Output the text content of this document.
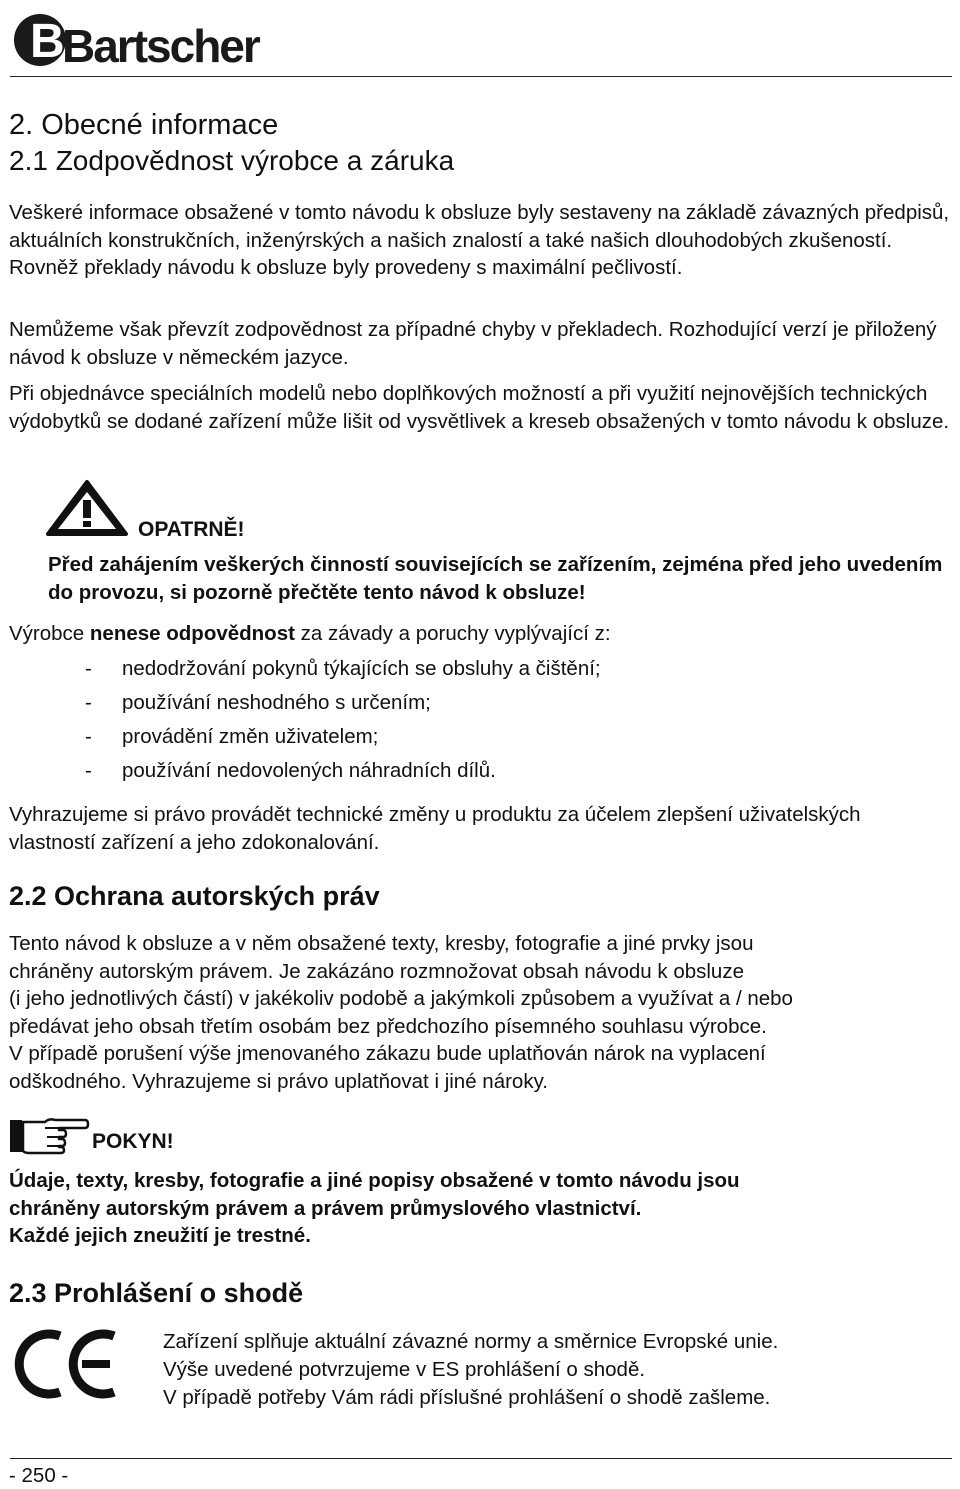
B
Bartscher
2. Obecné informace
2.1 Zodpovědnost výrobce a záruka

Veškeré informace obsažené v tomto návodu k obsluze byly sestaveny na základě závazných předpisů, aktuálních konstrukčních, inženýrských a našich znalostí a také našich dlouhodobých zkušeností. Rovněž překlady návodu k obsluze byly provedeny s maximální pečlivostí.

Nemůžeme však převzít zodpovědnost za případné chyby v překladech. Rozhodující verzí je přiložený návod k obsluze v německém jazyce.

Při objednávce speciálních modelů nebo doplňkových možností a při využití nejnovějších technických výdobytků se dodané zařízení může lišit od vysvětlivek a kreseb obsažených v tomto návodu k obsluze.

OPATRNĚ!

Před zahájením veškerých činností souvisejících se zařízením, zejména před jeho uvedením do provozu, si pozorně přečtěte tento návod k obsluze!

Výrobce nenese odpovědnost za závady a poruchy vyplývající z:

- nedodržování pokynů týkajících se obsluhy a čištění;
- používání neshodného s určením;
- provádění změn uživatelem;
- používání nedovolených náhradních dílů.

Vyhrazujeme si právo provádět technické změny u produktu za účelem zlepšení uživatelských vlastností zařízení a jeho zdokonalování.

2.2 Ochrana autorských práv
Tento návod k obsluze a v něm obsažené texty, kresby, fotografie a jiné prvky jsou
chráněny autorským právem. Je zakázáno rozmnožovat obsah návodu k obsluze
(i jeho jednotlivých částí) v jakékoliv podobě a jakýmkoli způsobem a využívat a / nebo
předávat jeho obsah třetím osobám bez předchozího písemného souhlasu výrobce.
V případě porušení výše jmenovaného zákazu bude uplatňován nárok na vyplacení
odškodného. Vyhrazujeme si právo uplatňovat i jiné nároky.
POKYN!
Údaje, texty, kresby, fotografie a jiné popisy obsažené v tomto návodu jsou
chráněny autorským právem a právem průmyslového vlastnictví.
Každé jejich zneužití je trestné.
2.3 Prohlášení o shodě
Zařízení splňuje aktuální závazné normy a směrnice Evropské unie.
Výše uvedené potvrzujeme v ES prohlášení o shodě.
V případě potřeby Vám rádi příslušné prohlášení o shodě zašleme.
- 250 -
